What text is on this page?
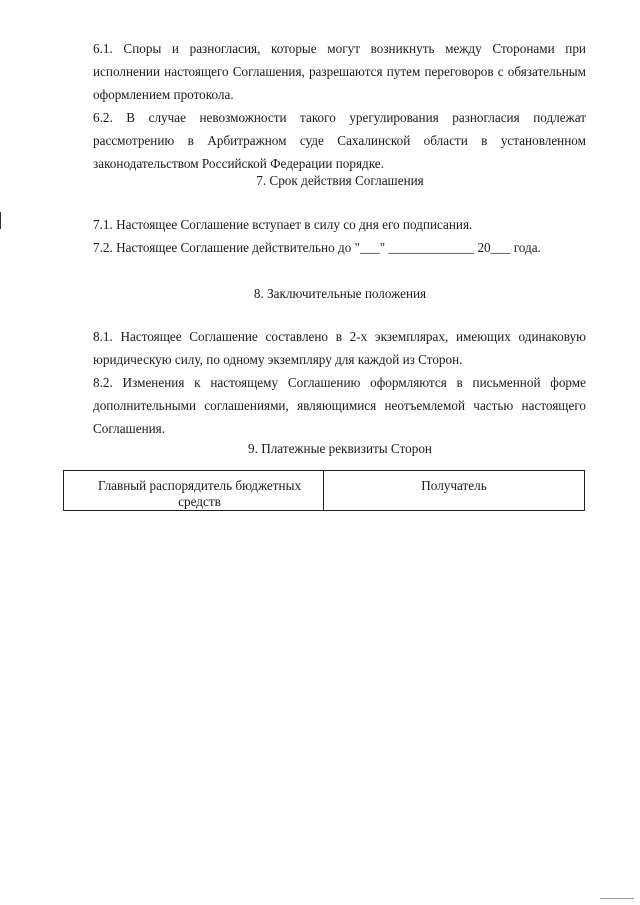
6.1. Споры и разногласия, которые могут возникнуть между Сторонами при
исполнении настоящего Соглашения, разрешаются путем переговоров с обязательным
оформлением протокола.
6.2. В случае невозможности такого урегулирования разногласия подлежат
рассмотрению в Арбитражном суде Сахалинской области в установленном
законодательством Российской Федерации порядке.
7. Срок действия Соглашения
7.1. Настоящее Соглашение вступает в силу со дня его подписания.
7.2. Настоящее Соглашение действительно до "___" _____________ 20___ года.
8. Заключительные положения
8.1. Настоящее Соглашение составлено в 2-х экземплярах, имеющих одинаковую
юридическую силу, по одному экземпляру для каждой из Сторон.
8.2. Изменения к настоящему Соглашению оформляются в письменной форме
дополнительными соглашениями, являющимися неотъемлемой частью настоящего
Соглашения.
9. Платежные реквизиты Сторон
Главный распорядитель бюджетных средств
Получатель
